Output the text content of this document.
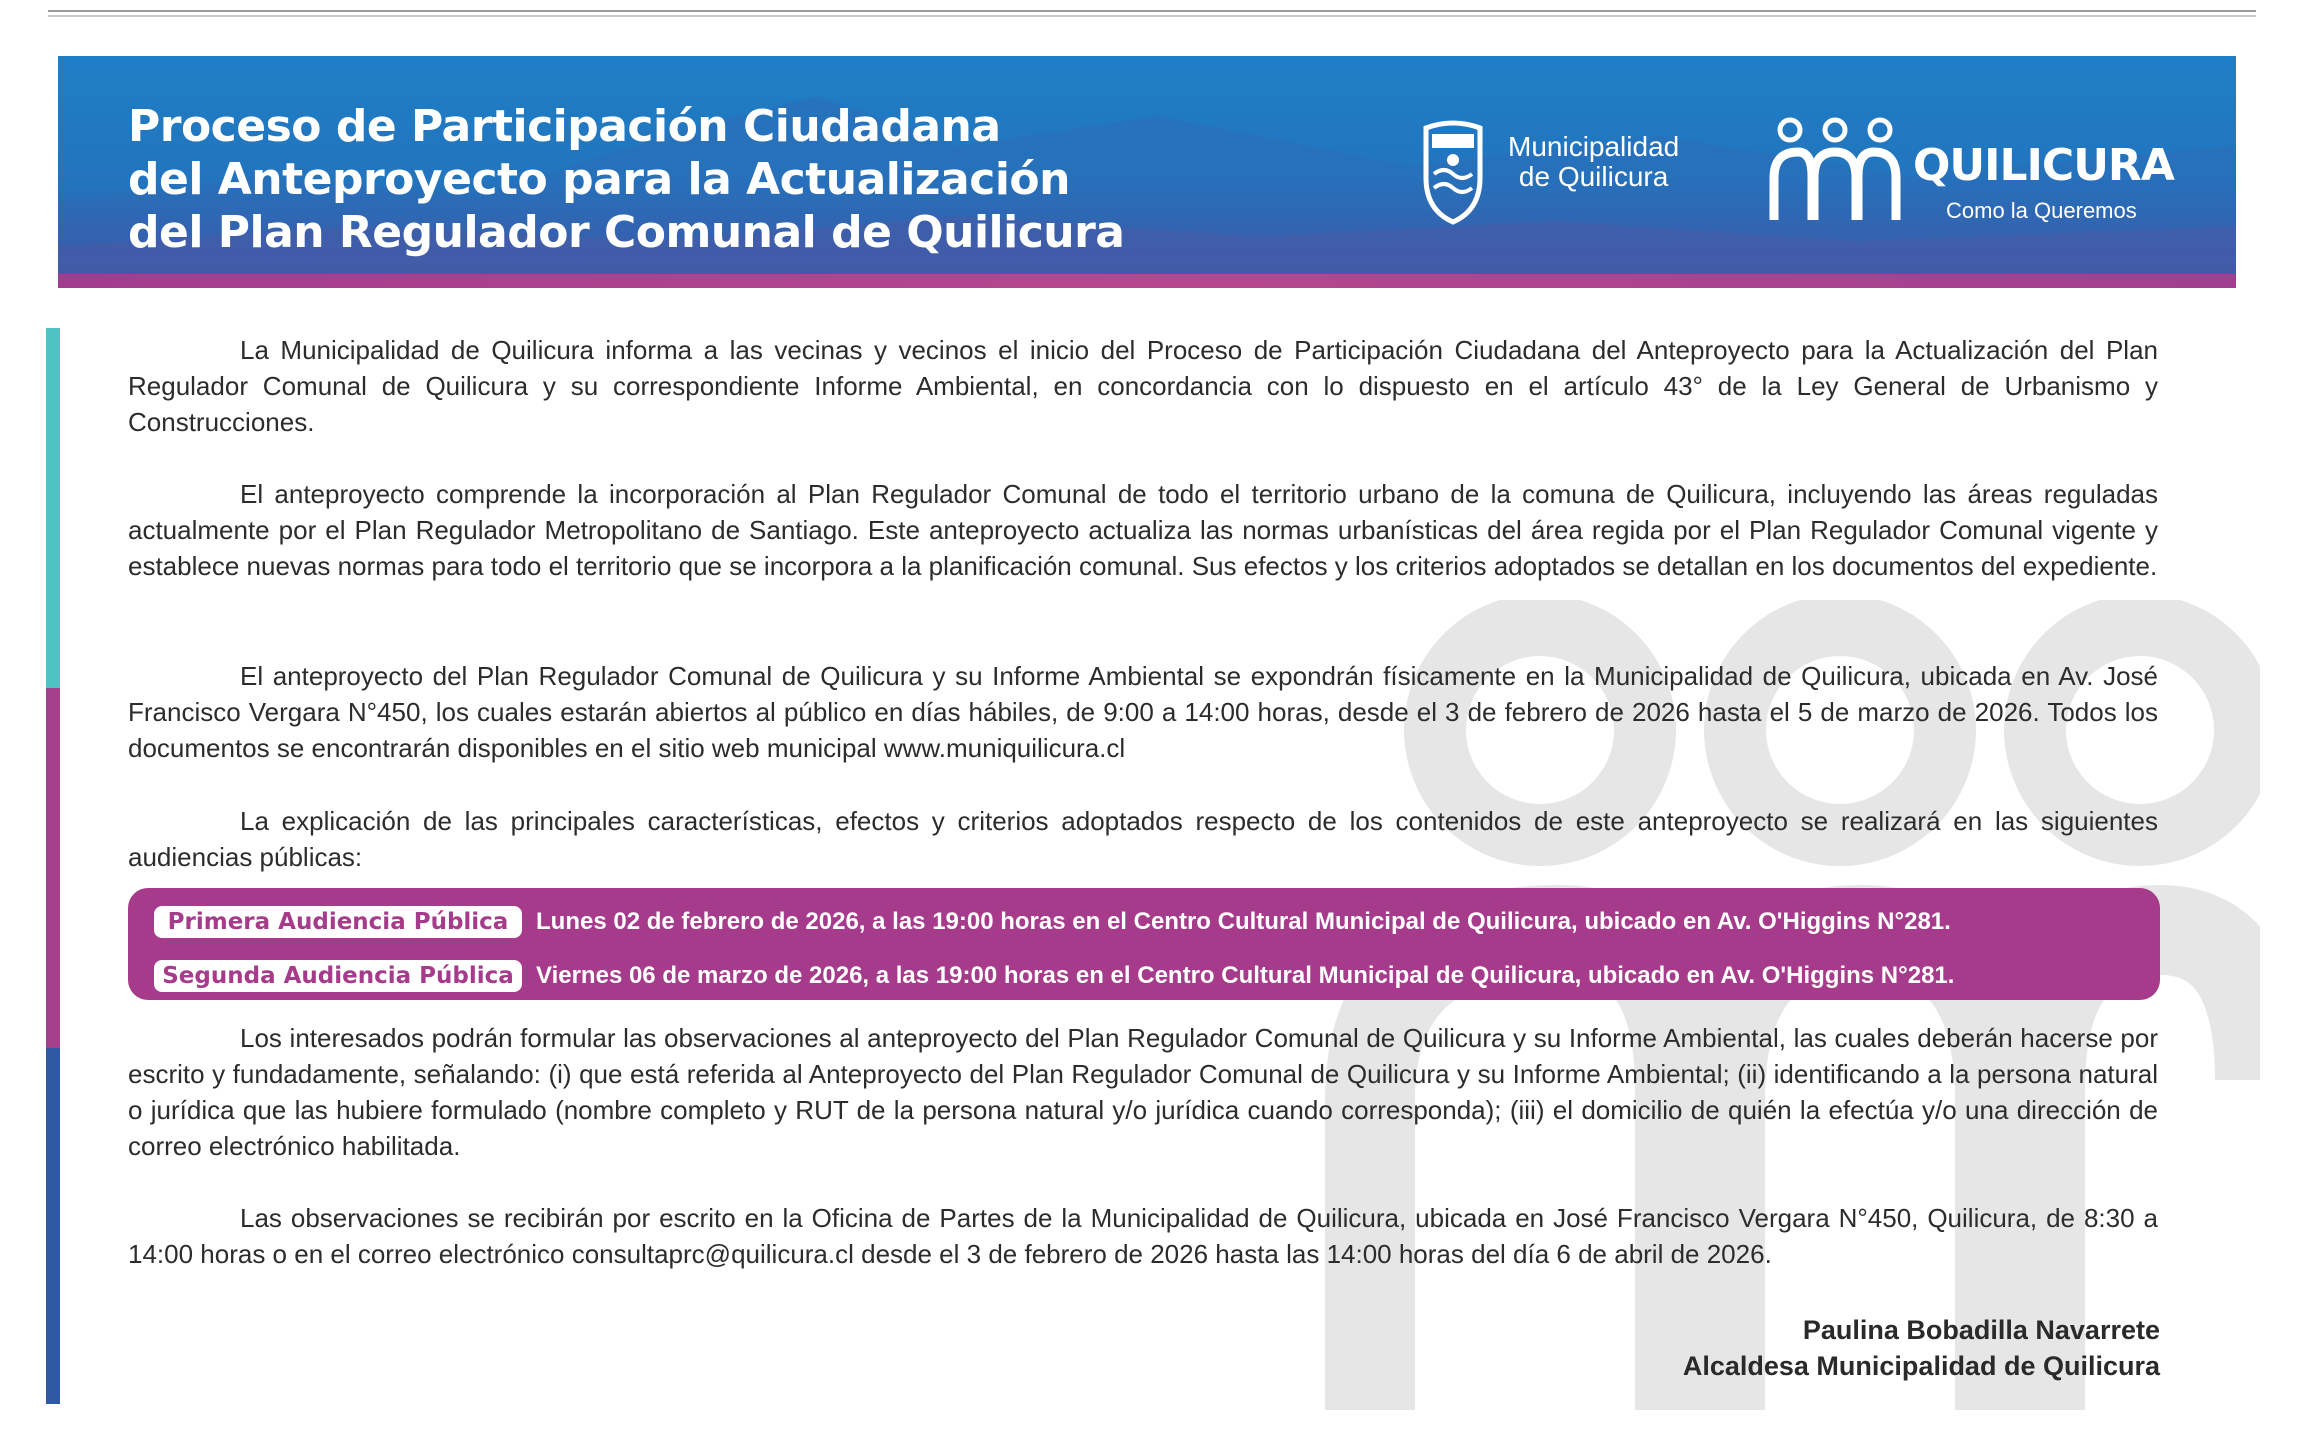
Proceso de Participación Ciudadana
del Anteproyecto para la Actualización
del Plan Regulador Comunal de Quilicura
Municipalidad
de Quilicura	QUILICURA
Como la Queremos

La Municipalidad de Quilicura informa a las vecinas y vecinos el inicio del Proceso de Participación Ciudadana del Anteproyecto para la Actualización del Plan Regulador Comunal de Quilicura y su correspondiente Informe Ambiental, en concordancia con lo dispuesto en el artículo 43° de la Ley General de Urbanismo y Construcciones.

El anteproyecto comprende la incorporación al Plan Regulador Comunal de todo el territorio urbano de la comuna de Quilicura, incluyendo las áreas reguladas actualmente por el Plan Regulador Metropolitano de Santiago. Este anteproyecto actualiza las normas urbanísticas del área regida por el Plan Regulador Comunal vigente y establece nuevas normas para todo el territorio que se incorpora a la planificación comunal. Sus efectos y los criterios adoptados se detallan en los documentos del expediente.

El anteproyecto del Plan Regulador Comunal de Quilicura y su Informe Ambiental se expondrán físicamente en la Municipalidad de Quilicura, ubicada en Av. José Francisco Vergara N°450, los cuales estarán abiertos al público en días hábiles, de 9:00 a 14:00 horas, desde el 3 de febrero de 2026 hasta el 5 de marzo de 2026. Todos los documentos se encontrarán disponibles en el sitio web municipal www.muniquilicura.cl

La explicación de las principales características, efectos y criterios adoptados respecto de los contenidos de este anteproyecto se realizará en las siguientes audiencias públicas:

Primera Audiencia Pública	Lunes 02 de febrero de 2026, a las 19:00 horas en el Centro Cultural Municipal de Quilicura, ubicado en Av. O'Higgins N°281.
Segunda Audiencia Pública Viernes 06 de marzo de 2026, a las 19:00 horas en el Centro Cultural Municipal de Quilicura, ubicado en Av. O'Higgins N°281.

Los interesados podrán formular las observaciones al anteproyecto del Plan Regulador Comunal de Quilicura y su Informe Ambiental, las cuales deberán hacerse por escrito y fundadamente, señalando: (i) que está referida al Anteproyecto del Plan Regulador Comunal de Quilicura y su Informe Ambiental; (ii) identificando a la persona natural o jurídica que las hubiere formulado (nombre completo y RUT de la persona natural y/o jurídica cuando corresponda); (iii) el domicilio de quién la efectúa y/o una dirección de correo electrónico habilitada.

Las observaciones se recibirán por escrito en la Oficina de Partes de la Municipalidad de Quilicura, ubicada en José Francisco Vergara N°450, Quilicura, de 8:30 a 14:00 horas o en el correo electrónico consultaprc@quilicura.cl desde el 3 de febrero de 2026 hasta las 14:00 horas del día 6 de abril de 2026.

Paulina Bobadilla Navarrete
Alcaldesa Municipalidad de Quilicura
